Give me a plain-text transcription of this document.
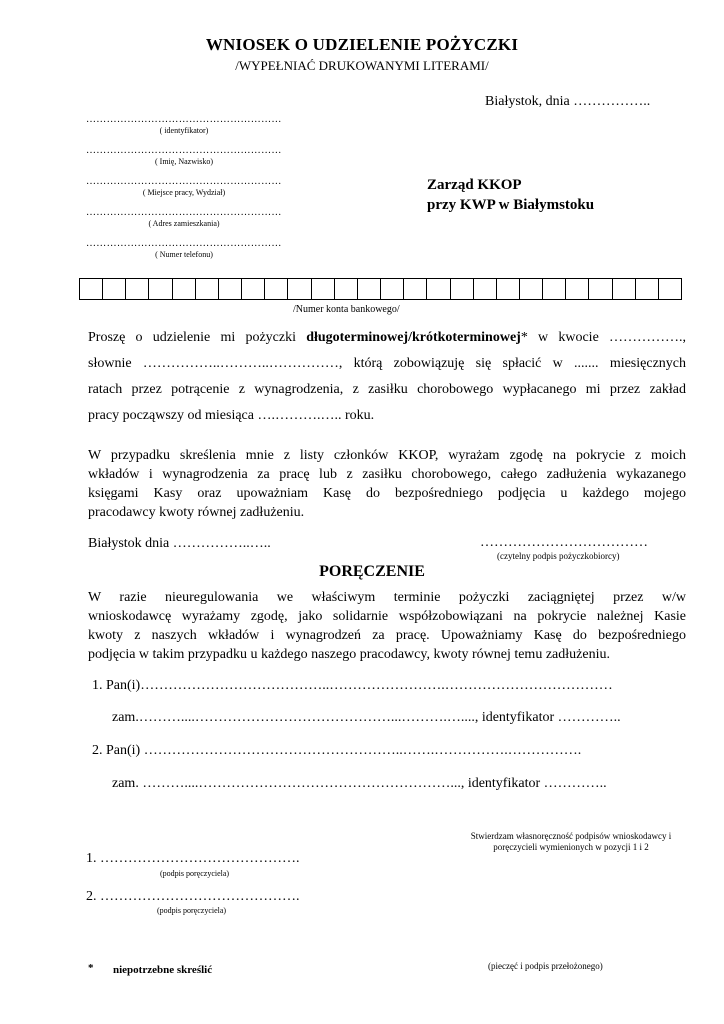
WNIOSEK O UDZIELENIE POŻYCZKI
/WYPEŁNIAĆ DRUKOWANYMI LITERAMI/
Białystok, dnia ……………..
…………………………………………………
( identyfikator)
…………………………………………………
( Imię, Nazwisko)
…………………………………………………
( Miejsce pracy, Wydział)
…………………………………………………
( Adres zamieszkania)
…………………………………………………
( Numer telefonu)
Zarząd KKOP
przy KWP w Białymstoku
/Numer konta bankowego/
Proszę o udzielenie mi pożyczki długoterminowej/krótkoterminowej* w kwocie …………….,
słownie ……………..………..……………, którą zobowiązuję się spłacić w ....... miesięcznych
ratach przez potrącenie z wynagrodzenia, z zasiłku chorobowego wypłacanego mi przez zakład
pracy począwszy od miesiąca ….……….….. roku.
W przypadku skreślenia mnie z listy członków KKOP, wyrażam zgodę na pokrycie z moich
wkładów i wynagrodzenia za pracę lub z zasiłku chorobowego, całego zadłużenia wykazanego
księgami Kasy oraz upoważniam Kasę do bezpośredniego podjęcia u każdego mojego
pracodawcy kwoty równej zadłużeniu.
Białystok dnia ……………..…..	………………………………
(czytelny podpis pożyczkobiorcy)
PORĘCZENIE
W razie nieuregulowania we właściwym terminie pożyczki zaciągniętej przez w/w
wnioskodawcę wyrażamy zgodę, jako solidarnie współzobowiązani na pokrycie należnej Kasie
kwoty z naszych wkładów i wynagrodzeń za pracę. Upoważniamy Kasę do bezpośredniego
podjęcia w takim przypadku u każdego naszego pracodawcy, kwoty równej temu zadłużeniu.
1. Pan(i)…………………………………..…………………….………………………………
zam.………....……………………………………...……….…...., identyfikator …………..
2. Pan(i) ………………………………………………..…….…………….…………….
zam. ………....………………………………………………..., identyfikator …………..
Stwierdzam własnoręczność podpisów wnioskodawcy i
poręczycieli wymienionych w pozycji 1 i 2
1. …………………………………….
(podpis poręczyciela)
2. …………………………………….
(podpis poręczyciela)
* niepotrzebne skreślić	(pieczęć i podpis przełożonego)
